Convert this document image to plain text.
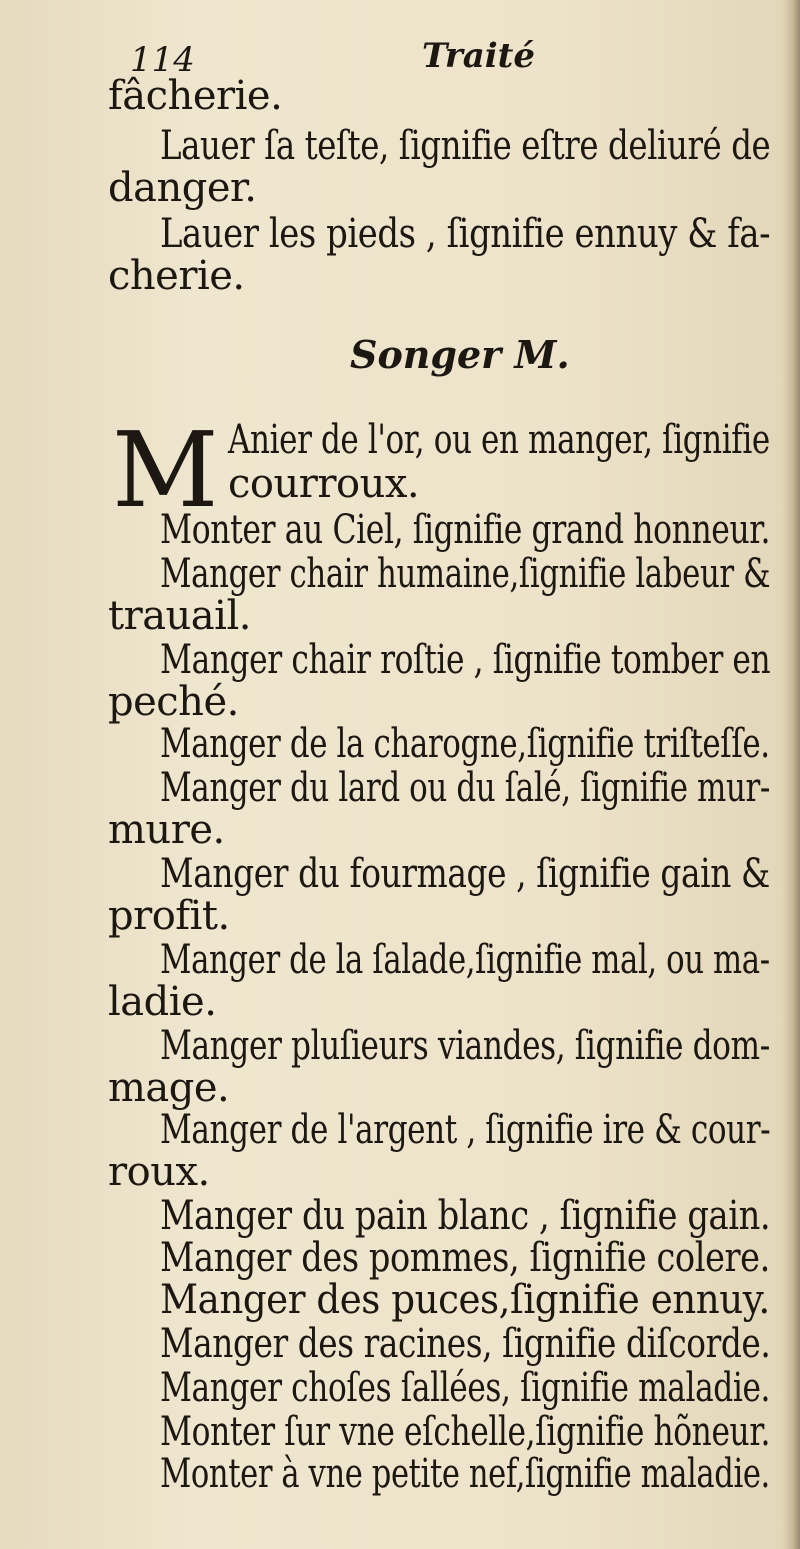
114	Traité
fâcherie.
Lauer ſa teſte, ſignifie eſtre deliuré de
danger.
Lauer les pieds , ſignifie ennuy & fa-
cherie.
Songer M.
M Anier de l'or, ou en manger, ſignifie
courroux.
Monter au Ciel, ſignifie grand honneur.
Manger chair humaine,ſignifie labeur &
trauail.
Manger chair roſtie , ſignifie tomber en
peché.
Manger de la charogne,ſignifie triſteſſe.
Manger du lard ou du ſalé, ſignifie mur-
mure.
Manger du fourmage , ſignifie gain &
profit.
Manger de la ſalade,ſignifie mal, ou ma-
ladie.
Manger pluſieurs viandes, ſignifie dom-
mage.
Manger de l'argent , ſignifie ire & cour-
roux.
Manger du pain blanc , ſignifie gain.
Manger des pommes, ſignifie colere.
Manger des puces,ſignifie ennuy.
Manger des racines, ſignifie diſcorde.
Manger choſes ſallées, ſignifie maladie.
Monter ſur vne eſchelle,ſignifie hõneur.
Monter à vne petite nef,ſignifie maladie.
